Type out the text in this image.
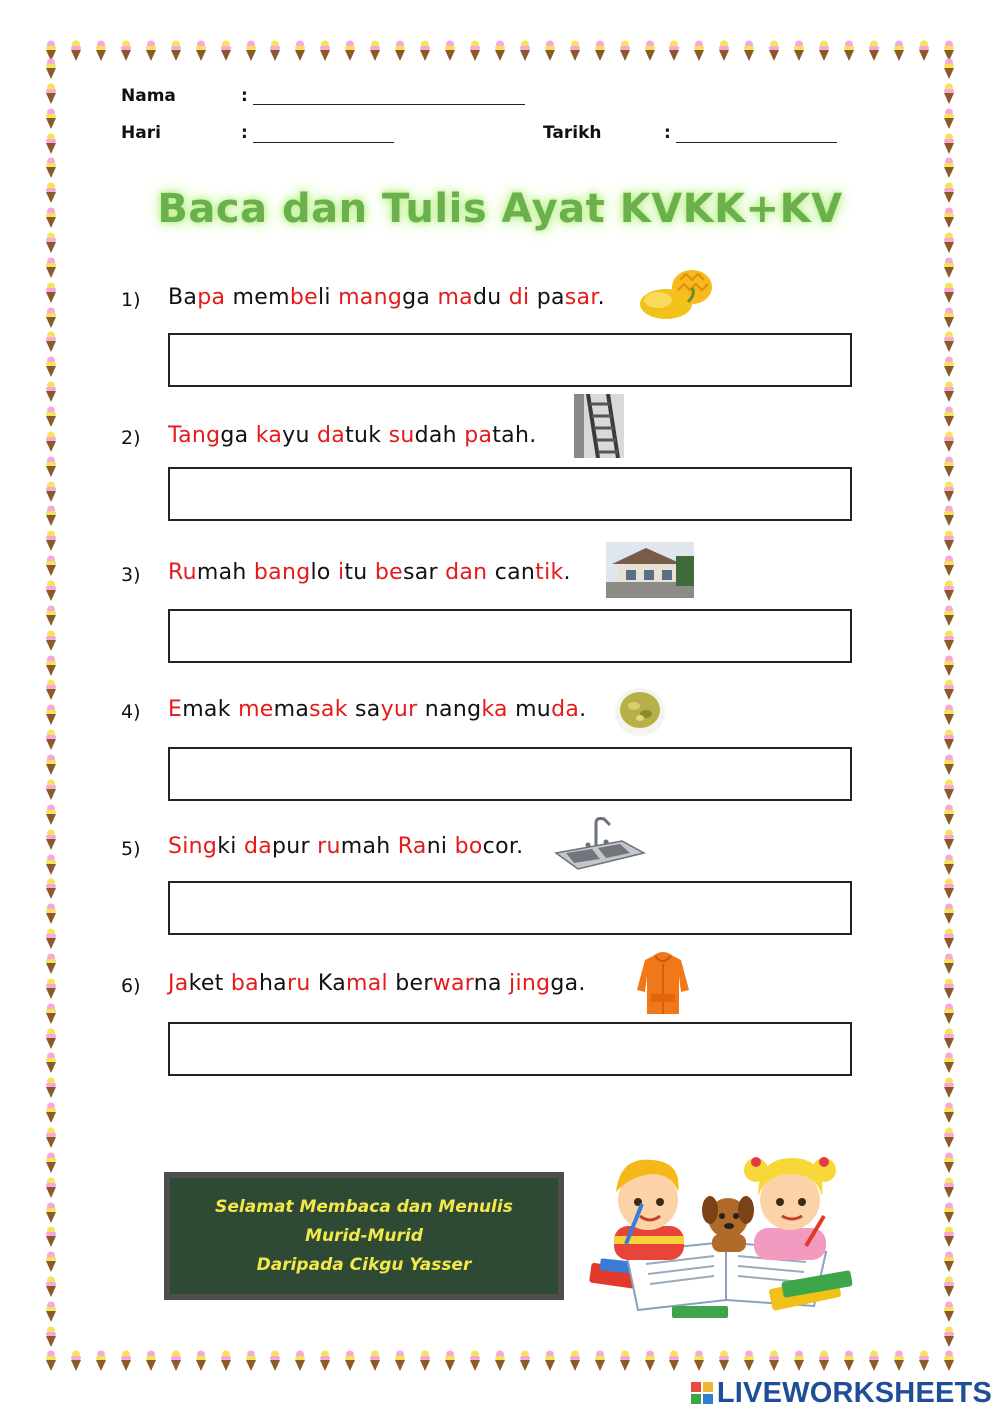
Nama	:
Hari	:	Tarikh	:
Baca dan Tulis Ayat KVKK+KV
1) Bapa membeli mangga madu di pasar.
2) Tangga kayu datuk sudah patah.
3) Rumah banglo itu besar dan cantik.
4) Emak memasak sayur nangka muda.
5) Singki dapur rumah Rani bocor.
6) Jaket baharu Kamal berwarna jingga.
Selamat Membaca dan Menulis
Murid-Murid
Daripada Cikgu Yasser
LIVEWORKSHEETS
